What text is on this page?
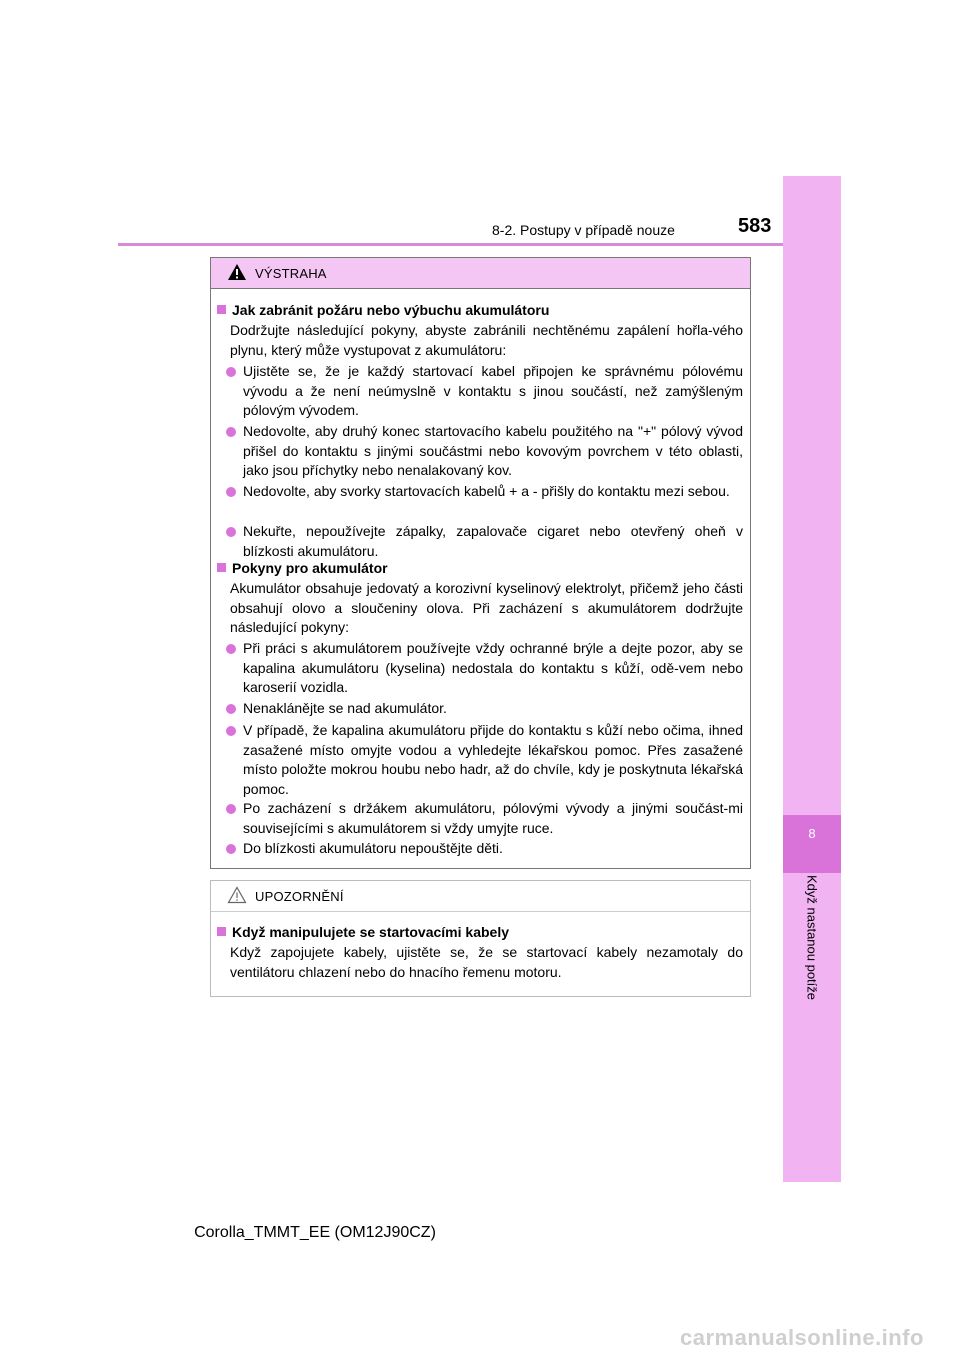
8
Když nastanou potíže
8-2. Postupy v případě nouze	583
VÝSTRAHA
Jak zabránit požáru nebo výbuchu akumulátoru
Dodržujte následující pokyny, abyste zabránili nechtěnému zapálení hořla-vého plynu, který může vystupovat z akumulátoru:
Ujistěte se, že je každý startovací kabel připojen ke správnému pólovému vývodu a že není neúmyslně v kontaktu s jinou součástí, než zamýšleným pólovým vývodem.
Nedovolte, aby druhý konec startovacího kabelu použitého na "+" pólový vývod přišel do kontaktu s jinými součástmi nebo kovovým povrchem v této oblasti, jako jsou příchytky nebo nenalakovaný kov.
Nedovolte, aby svorky startovacích kabelů + a - přišly do kontaktu mezi sebou.
Nekuřte, nepoužívejte zápalky, zapalovače cigaret nebo otevřený oheň v blízkosti akumulátoru.
Pokyny pro akumulátor
Akumulátor obsahuje jedovatý a korozivní kyselinový elektrolyt, přičemž jeho části obsahují olovo a sloučeniny olova. Při zacházení s akumulátorem dodržujte následující pokyny:
Při práci s akumulátorem používejte vždy ochranné brýle a dejte pozor, aby se kapalina akumulátoru (kyselina) nedostala do kontaktu s kůží, odě-vem nebo karoserií vozidla.
Nenaklánějte se nad akumulátor.
V případě, že kapalina akumulátoru přijde do kontaktu s kůží nebo očima, ihned zasažené místo omyjte vodou a vyhledejte lékařskou pomoc. Přes zasažené místo položte mokrou houbu nebo hadr, až do chvíle, kdy je poskytnuta lékařská pomoc.
Po zacházení s držákem akumulátoru, pólovými vývody a jinými součást-mi souvisejícími s akumulátorem si vždy umyjte ruce.
Do blízkosti akumulátoru nepouštějte děti.
UPOZORNĚNÍ
Když manipulujete se startovacími kabely
Když zapojujete kabely, ujistěte se, že se startovací kabely nezamotaly do ventilátoru chlazení nebo do hnacího řemenu motoru.
Corolla_TMMT_EE (OM12J90CZ)
carmanualsonline.info
